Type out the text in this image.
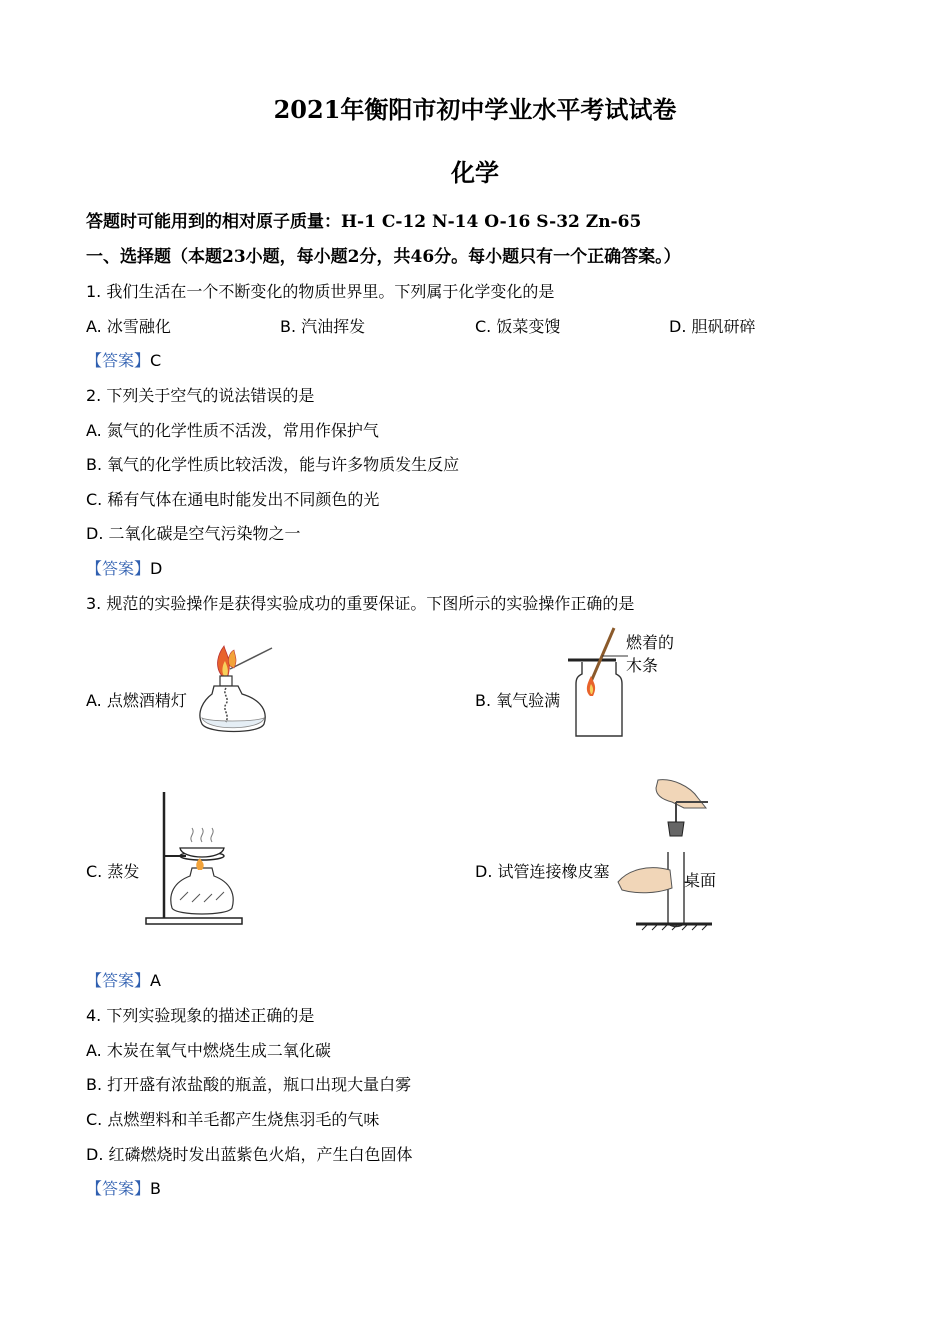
2021年衡阳市初中学业水平考试试卷
化学
答题时可能用到的相对原子质量：H-1 C-12 N-14 O-16 S-32 Zn-65
一、选择题（本题23小题，每小题2分，共46分。每小题只有一个正确答案。）
1. 我们生活在一个不断变化的物质世界里。下列属于化学变化的是
A. 冰雪融化	B. 汽油挥发	C. 饭菜变馊	D. 胆矾研碎
【答案】C
2. 下列关于空气的说法错误的是
A. 氮气的化学性质不活泼，常用作保护气
B. 氧气的化学性质比较活泼，能与许多物质发生反应
C. 稀有气体在通电时能发出不同颜色的光
D. 二氧化碳是空气污染物之一
【答案】D
3. 规范的实验操作是获得实验成功的重要保证。下图所示的实验操作正确的是
A. 点燃酒精灯	B. 氧气验满
C. 蒸发	D. 试管连接橡皮塞
燃着的
木条
桌面
【答案】A
4. 下列实验现象的描述正确的是
A. 木炭在氧气中燃烧生成二氧化碳
B. 打开盛有浓盐酸的瓶盖，瓶口出现大量白雾
C. 点燃塑料和羊毛都产生烧焦羽毛的气味
D. 红磷燃烧时发出蓝紫色火焰，产生白色固体
【答案】B
